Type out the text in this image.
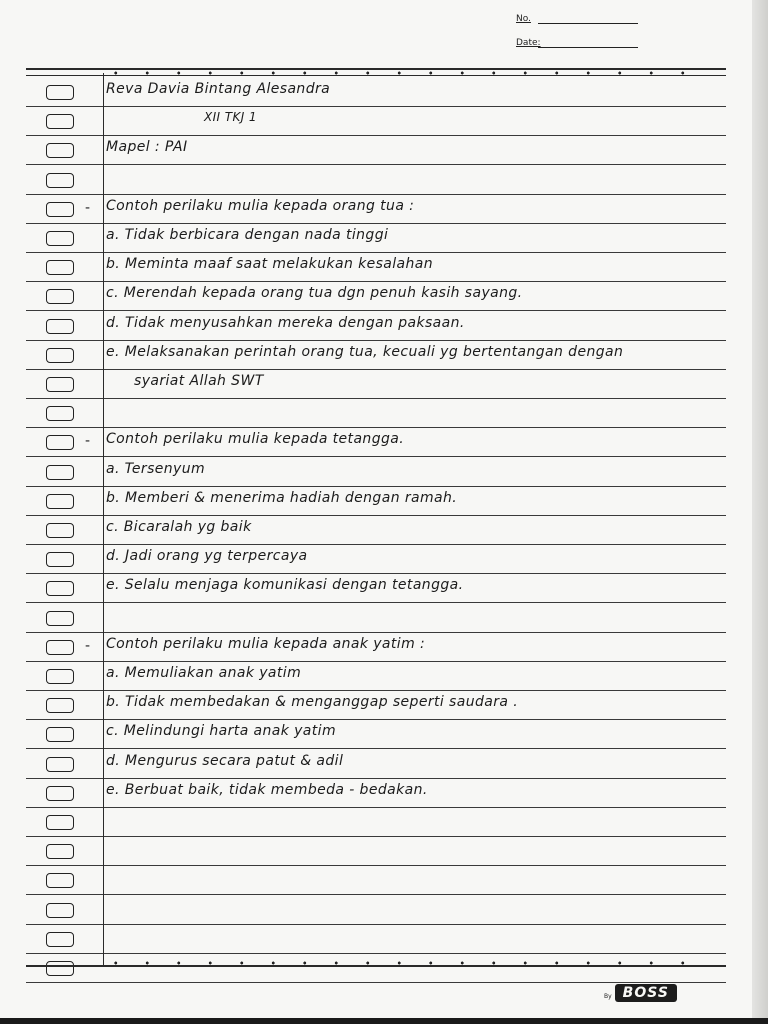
No.
Date:
Reva Davia Bintang Alesandra
XII TKJ 1
Mapel : PAI
- Contoh perilaku mulia kepada orang tua :
a. Tidak berbicara dengan nada tinggi
b. Meminta maaf saat melakukan kesalahan
c. Merendah kepada orang tua dgn penuh kasih sayang.
d. Tidak menyusahkan mereka dengan paksaan.
e. Melaksanakan perintah orang tua, kecuali yg bertentangan dengan
syariat Allah SWT
- Contoh perilaku mulia kepada tetangga.
a. Tersenyum
b. Memberi & menerima hadiah dengan ramah.
c. Bicaralah yg baik
d. Jadi orang yg terpercaya
e. Selalu menjaga komunikasi dengan tetangga.
- Contoh perilaku mulia kepada anak yatim :
a. Memuliakan anak yatim
b. Tidak membedakan & menganggap seperti saudara .
c. Melindungi harta anak yatim
d. Mengurus secara patut & adil
e. Berbuat baik, tidak membeda - bedakan.
By BOSS
